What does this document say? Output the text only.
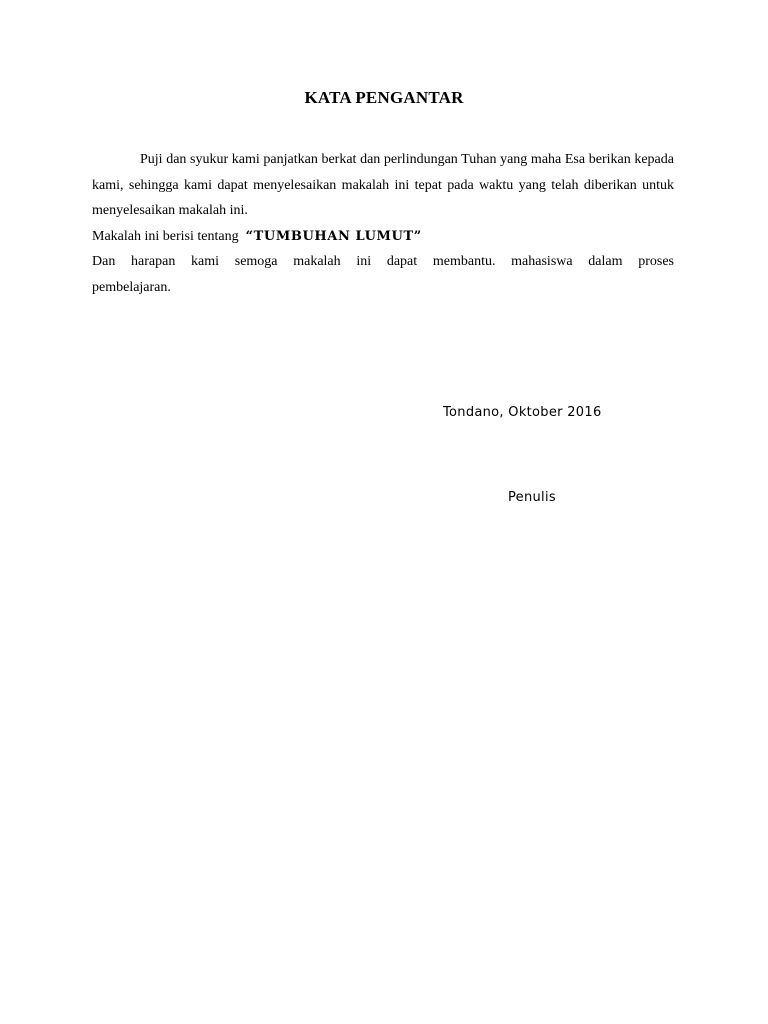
KATA PENGANTAR

Puji dan syukur kami panjatkan berkat dan perlindungan Tuhan yang maha Esa berikan kepada kami, sehingga kami dapat menyelesaikan makalah ini tepat pada waktu yang telah diberikan untuk menyelesaikan makalah ini.

Makalah ini berisi tentang “TUMBUHAN LUMUT”

Dan harapan kami semoga makalah ini dapat membantu. mahasiswa dalam proses

pembelajaran.

Tondano, Oktober 2016
Penulis
